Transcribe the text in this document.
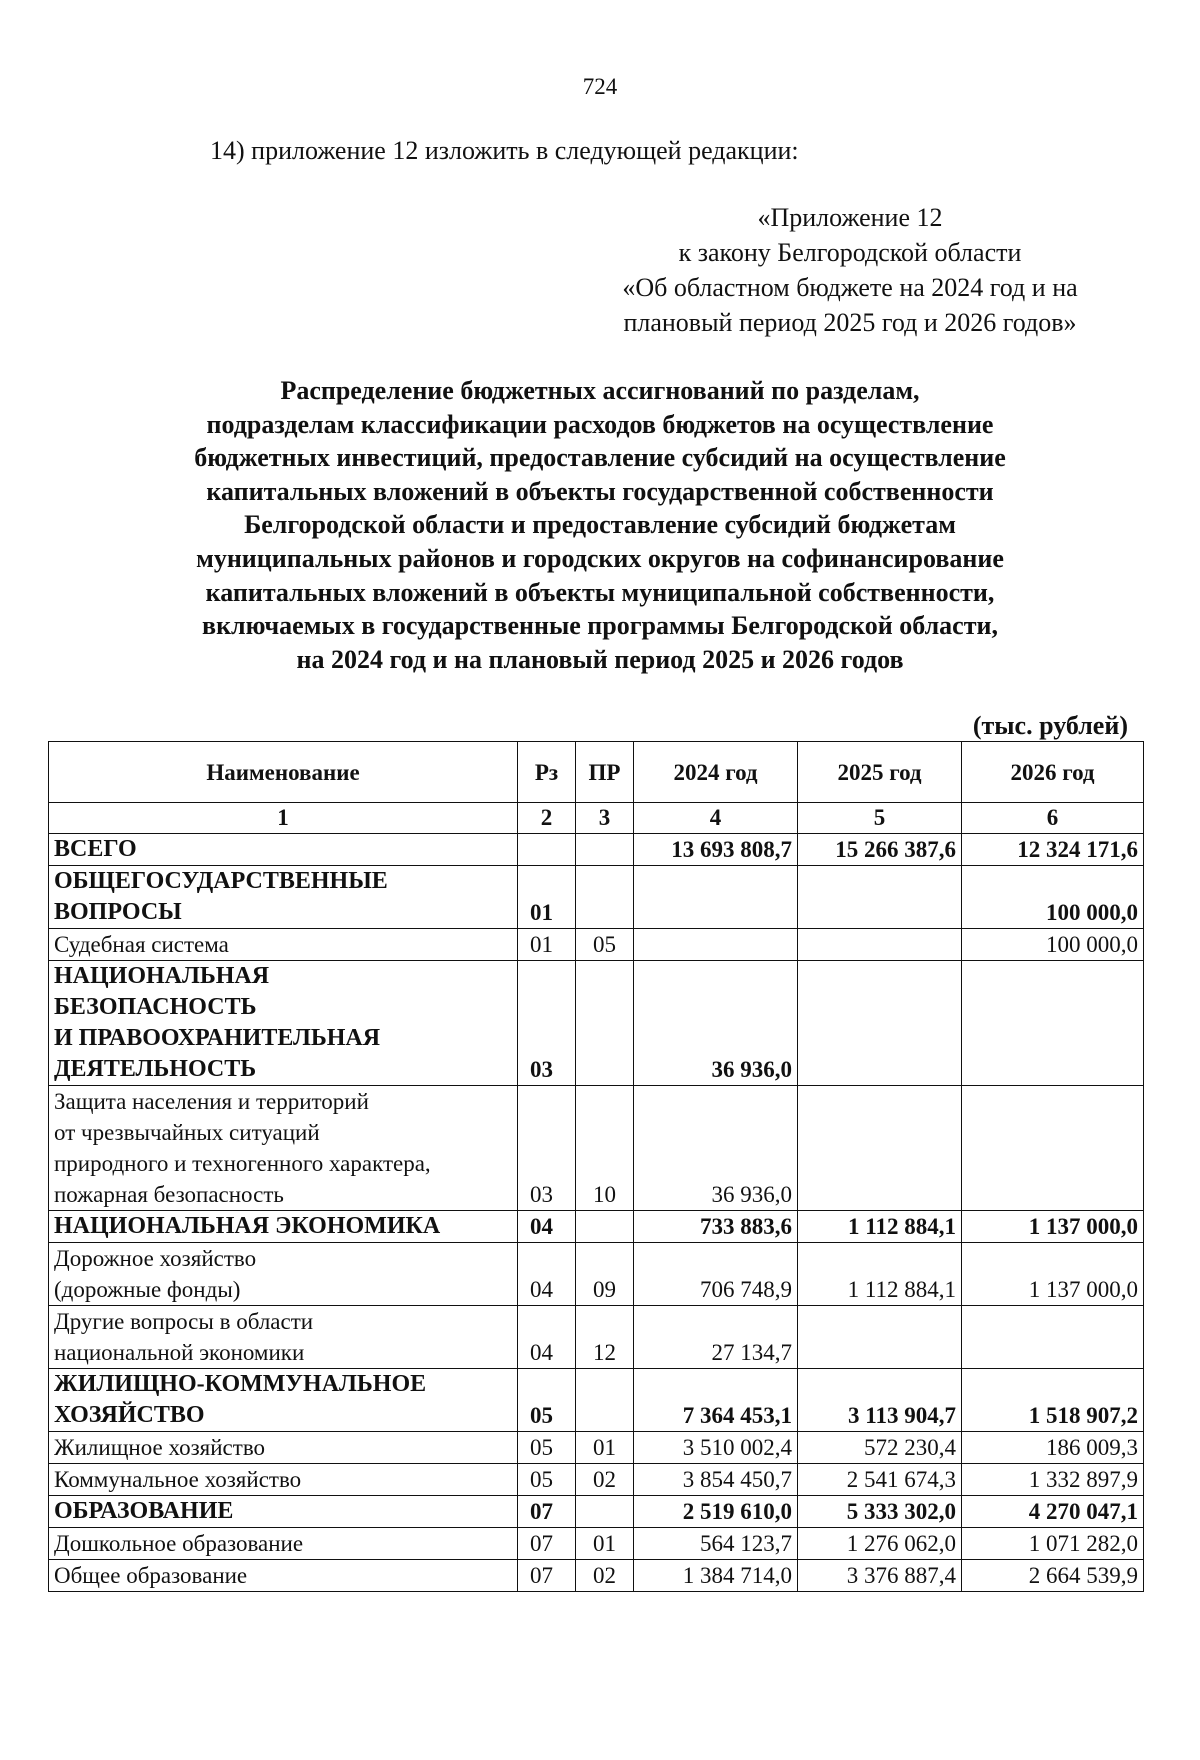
724
14) приложение 12 изложить в следующей редакции:
«Приложение 12
к закону Белгородской области
«Об областном бюджете на 2024 год и на
плановый период 2025 год и 2026 годов»
Распределение бюджетных ассигнований по разделам,
подразделам классификации расходов бюджетов на осуществление
бюджетных инвестиций, предоставление субсидий на осуществление
капитальных вложений в объекты государственной собственности
Белгородской области и предоставление субсидий бюджетам
муниципальных районов и городских округов на софинансирование
капитальных вложений в объекты муниципальной собственности,
включаемых в государственные программы Белгородской области,
на 2024 год и на плановый период 2025 и 2026 годов
(тыс. рублей)
Наименование	Рз	ПР	2024 год	2025 год	2026 год
1	2	3	4	5	6

ВСЕГО			13 693 808,7	15 266 387,6	12 324 171,6

ОБЩЕГОСУДАРСТВЕННЫЕ
ВОПРОСЫ	01				100 000,0

Судебная система	01	05			100 000,0

НАЦИОНАЛЬНАЯ
БЕЗОПАСНОСТЬ
И ПРАВООХРАНИТЕЛЬНАЯ
ДЕЯТЕЛЬНОСТЬ	03		36 936,0		

Защита населения и территорий
от чрезвычайных ситуаций
природного и техногенного характера,
пожарная безопасность	03	10	36 936,0		

НАЦИОНАЛЬНАЯ ЭКОНОМИКА	04		733 883,6	1 112 884,1	1 137 000,0

Дорожное хозяйство
(дорожные фонды)	04	09	706 748,9	1 112 884,1	1 137 000,0

Другие вопросы в области
национальной экономики	04	12	27 134,7		

ЖИЛИЩНО-КОММУНАЛЬНОЕ
ХОЗЯЙСТВО	05		7 364 453,1	3 113 904,7	1 518 907,2

Жилищное хозяйство	05	01	3 510 002,4	572 230,4	186 009,3

Коммунальное хозяйство	05	02	3 854 450,7	2 541 674,3	1 332 897,9

ОБРАЗОВАНИЕ	07		2 519 610,0	5 333 302,0	4 270 047,1

Дошкольное образование	07	01	564 123,7	1 276 062,0	1 071 282,0

Общее образование	07	02	1 384 714,0	3 376 887,4	2 664 539,9
